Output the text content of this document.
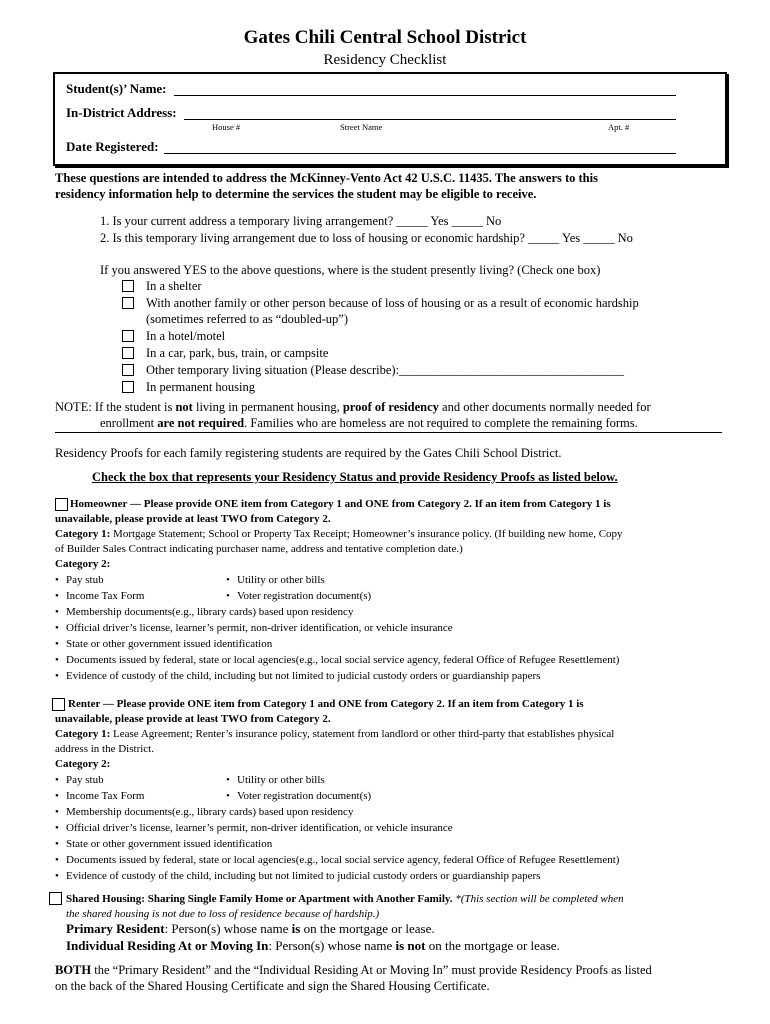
Gates Chili Central School District
Residency Checklist
Student(s)’ Name:
In-District Address:
House #	Street Name	Apt. #
Date Registered:
These questions are intended to address the McKinney-Vento Act 42 U.S.C. 11435. The answers to this
residency information help to determine the services the student may be eligible to receive.
1. Is your current address a temporary living arrangement? _____ Yes _____ No
2. Is this temporary living arrangement due to loss of housing or economic hardship? _____ Yes _____ No
If you answered YES to the above questions, where is the student presently living? (Check one box)
In a shelter
With another family or other person because of loss of housing or as a result of economic hardship
(sometimes referred to as “doubled-up”)
In a hotel/motel
In a car, park, bus, train, or campsite
Other temporary living situation (Please describe):____________________________________
In permanent housing
NOTE: If the student is not living in permanent housing, proof of residency and other documents normally needed for
enrollment are not required. Families who are homeless are not required to complete the remaining forms.
Residency Proofs for each family registering students are required by the Gates Chili School District.
Check the box that represents your Residency Status and provide Residency Proofs as listed below.
Homeowner — Please provide ONE item from Category 1 and ONE from Category 2. If an item from Category 1 is
unavailable, please provide at least TWO from Category 2.
Category 1: Mortgage Statement; School or Property Tax Receipt; Homeowner’s insurance policy. (If building new home, Copy
of Builder Sales Contract indicating purchaser name, address and tentative completion date.)
Category 2:
• Pay stub	• Utility or other bills
• Income Tax Form	• Voter registration document(s)
• Membership documents(e.g., library cards) based upon residency
• Official driver’s license, learner’s permit, non-driver identification, or vehicle insurance
• State or other government issued identification
• Documents issued by federal, state or local agencies(e.g., local social service agency, federal Office of Refugee Resettlement)
• Evidence of custody of the child, including but not limited to judicial custody orders or guardianship papers
Renter — Please provide ONE item from Category 1 and ONE from Category 2. If an item from Category 1 is
unavailable, please provide at least TWO from Category 2.
Category 1: Lease Agreement; Renter’s insurance policy, statement from landlord or other third-party that establishes physical
address in the District.
Category 2:
• Pay stub	• Utility or other bills
• Income Tax Form	• Voter registration document(s)
• Membership documents(e.g., library cards) based upon residency
• Official driver’s license, learner’s permit, non-driver identification, or vehicle insurance
• State or other government issued identification
• Documents issued by federal, state or local agencies(e.g., local social service agency, federal Office of Refugee Resettlement)
• Evidence of custody of the child, including but not limited to judicial custody orders or guardianship papers
Shared Housing: Sharing Single Family Home or Apartment with Another Family. *(This section will be completed when
the shared housing is not due to loss of residence because of hardship.)
Primary Resident: Person(s) whose name is on the mortgage or lease.
Individual Residing At or Moving In: Person(s) whose name is not on the mortgage or lease.
BOTH the “Primary Resident” and the “Individual Residing At or Moving In” must provide Residency Proofs as listed
on the back of the Shared Housing Certificate and sign the Shared Housing Certificate.
